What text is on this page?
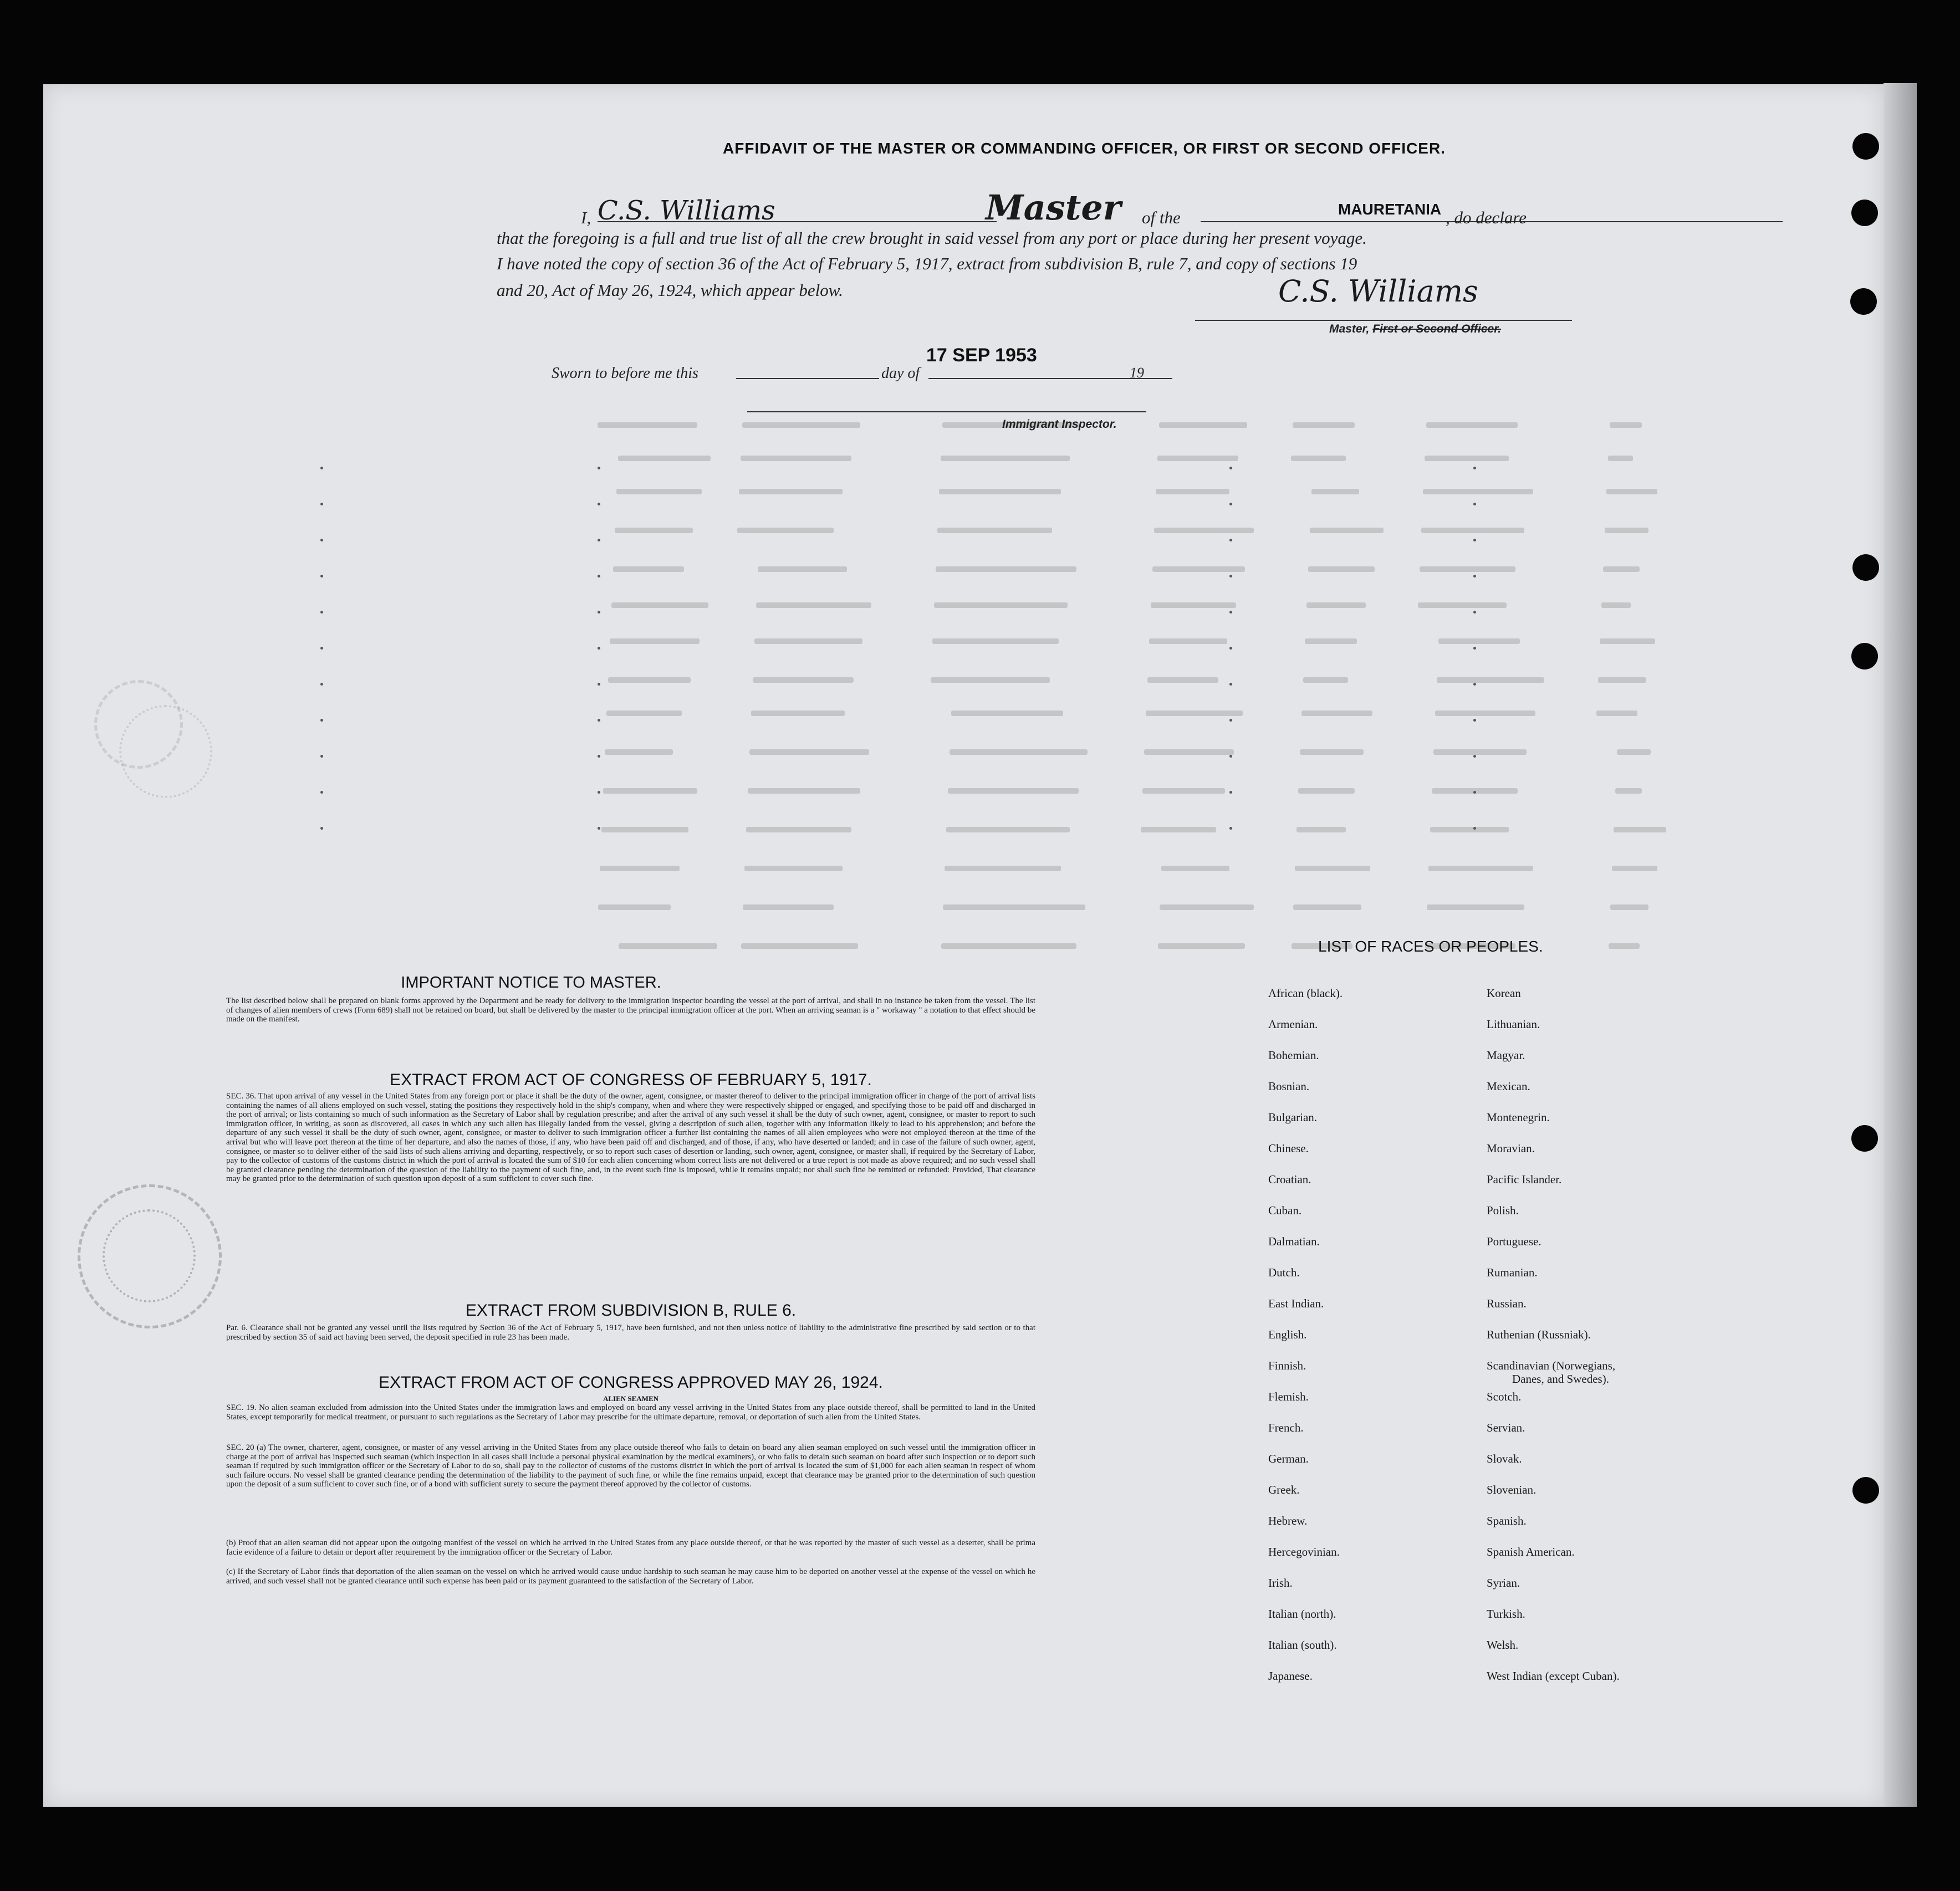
AFFIDAVIT OF THE MASTER OR COMMANDING OFFICER, OR FIRST OR SECOND OFFICER.
I, C.S. Williams	Master of the	MAURETANIA , do declare
that the foregoing is a full and true list of all the crew brought in said vessel from any port or place during her present voyage.
I have noted the copy of section 36 of the Act of February 5, 1917, extract from subdivision B, rule 7, and copy of sections 19
and 20, Act of May 26, 1924, which appear below.	C.S. Williams
Master, First or Second Officer.
Sworn to before me this	day of
17 SEP 1953
19
Immigrant Inspector.
IMPORTANT NOTICE TO MASTER.
The list described below shall be prepared on blank forms approved by the Department and be ready for delivery to the immigration inspector boarding the vessel at the port of arrival, and shall in no instance be taken from the vessel. The list of changes of alien members of crews (Form 689) shall not be retained on board, but shall be delivered by the master to the principal immigration officer at the port. When an arriving seaman is a " workaway " a notation to that effect should be made on the manifest.
EXTRACT FROM ACT OF CONGRESS OF FEBRUARY 5, 1917.
SEC. 36. That upon arrival of any vessel in the United States from any foreign port or place it shall be the duty of the owner, agent, consignee, or master thereof to deliver to the principal immigration officer in charge of the port of arrival lists containing the names of all aliens employed on such vessel, stating the positions they respectively hold in the ship's company, when and where they were respectively shipped or engaged, and specifying those to be paid off and discharged in the port of arrival; or lists containing so much of such information as the Secretary of Labor shall by regulation prescribe; and after the arrival of any such vessel it shall be the duty of such owner, agent, consignee, or master to report to such immigration officer, in writing, as soon as discovered, all cases in which any such alien has illegally landed from the vessel, giving a description of such alien, together with any information likely to lead to his apprehension; and before the departure of any such vessel it shall be the duty of such owner, agent, consignee, or master to deliver to such immigration officer a further list containing the names of all alien employees who were not employed thereon at the time of the arrival but who will leave port thereon at the time of her departure, and also the names of those, if any, who have been paid off and discharged, and of those, if any, who have deserted or landed; and in case of the failure of such owner, agent, consignee, or master so to deliver either of the said lists of such aliens arriving and departing, respectively, or so to report such cases of desertion or landing, such owner, agent, consignee, or master shall, if required by the Secretary of Labor, pay to the collector of customs of the customs district in which the port of arrival is located the sum of $10 for each alien concerning whom correct lists are not delivered or a true report is not made as above required; and no such vessel shall be granted clearance pending the determination of the question of the liability to the payment of such fine, and, in the event such fine is imposed, while it remains unpaid; nor shall such fine be remitted or refunded: Provided, That clearance may be granted prior to the determination of such question upon deposit of a sum sufficient to cover such fine.
EXTRACT FROM SUBDIVISION B, RULE 6.
Par. 6. Clearance shall not be granted any vessel until the lists required by Section 36 of the Act of February 5, 1917, have been furnished, and not then unless notice of liability to the administrative fine prescribed by said section or to that prescribed by section 35 of said act having been served, the deposit specified in rule 23 has been made.
EXTRACT FROM ACT OF CONGRESS APPROVED MAY 26, 1924.
ALIEN SEAMEN
SEC. 19. No alien seaman excluded from admission into the United States under the immigration laws and employed on board any vessel arriving in the United States from any place outside thereof, shall be permitted to land in the United States, except temporarily for medical treatment, or pursuant to such regulations as the Secretary of Labor may prescribe for the ultimate departure, removal, or deportation of such alien from the United States.
SEC. 20 (a) The owner, charterer, agent, consignee, or master of any vessel arriving in the United States from any place outside thereof who fails to detain on board any alien seaman employed on such vessel until the immigration officer in charge at the port of arrival has inspected such seaman (which inspection in all cases shall include a personal physical examination by the medical examiners), or who fails to detain such seaman on board after such inspection or to deport such seaman if required by such immigration officer or the Secretary of Labor to do so, shall pay to the collector of customs of the customs district in which the port of arrival is located the sum of $1,000 for each alien seaman in respect of whom such failure occurs. No vessel shall be granted clearance pending the determination of the liability to the payment of such fine, or while the fine remains unpaid, except that clearance may be granted prior to the determination of such question upon the deposit of a sum sufficient to cover such fine, or of a bond with sufficient surety to secure the payment thereof approved by the collector of customs.
(b) Proof that an alien seaman did not appear upon the outgoing manifest of the vessel on which he arrived in the United States from any place outside thereof, or that he was reported by the master of such vessel as a deserter, shall be prima facie evidence of a failure to detain or deport after requirement by the immigration officer or the Secretary of Labor.
(c) If the Secretary of Labor finds that deportation of the alien seaman on the vessel on which he arrived would cause undue hardship to such seaman he may cause him to be deported on another vessel at the expense of the vessel on which he arrived, and such vessel shall not be granted clearance until such expense has been paid or its payment guaranteed to the satisfaction of the Secretary of Labor.
LIST OF RACES OR PEOPLES.
African (black).
Armenian.
Bohemian.
Bosnian.
Bulgarian.
Chinese.
Croatian.
Cuban.
Dalmatian.
Dutch.
East Indian.
English.
Finnish.
Flemish.
French.
German.
Greek.
Hebrew.
Hercegovinian.
Irish.
Italian (north).
Italian (south).
Japanese.
Korean
Lithuanian.
Magyar.
Mexican.
Montenegrin.
Moravian.
Pacific Islander.
Polish.
Portuguese.
Rumanian.
Russian.
Ruthenian (Russniak).
Scandinavian (Norwegians,
Scotch.
Servian.
Slovak.
Slovenian.
Spanish.
Spanish American.
Syrian.
Turkish.
Welsh.
West Indian (except Cuban).
Danes, and Swedes).
